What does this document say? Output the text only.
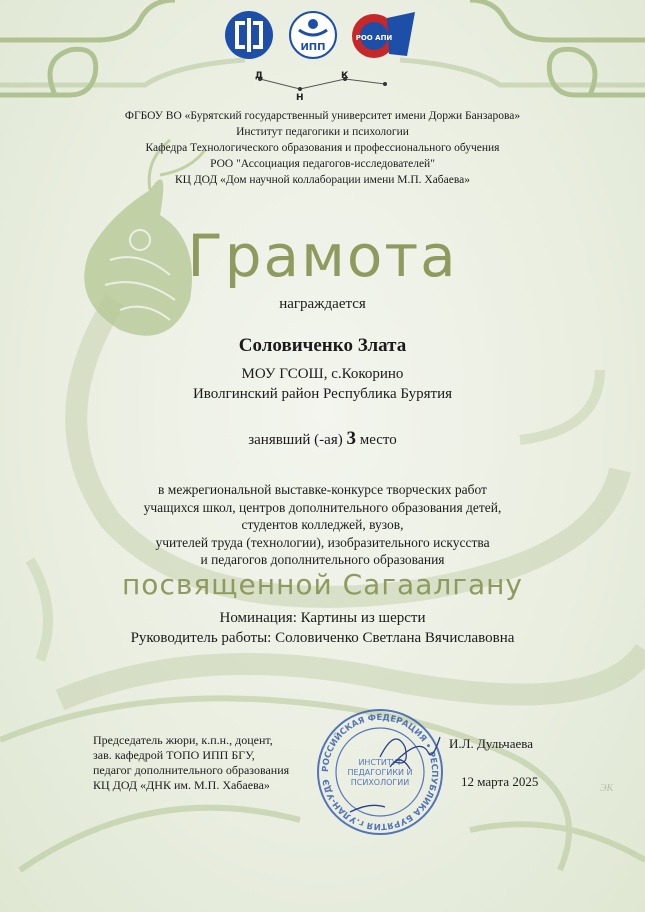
ИПП
РОО АПИ
Д
Н
К
ФГБОУ ВО «Бурятский государственный университет имени Доржи Банзарова»
Институт педагогики и психологии
Кафедра Технологического образования и профессионального обучения
РОО "Ассоциация педагогов-исследователей"
КЦ ДОД «Дом научной коллаборации имени М.П. Хабаева»
Грамота
награждается
Соловиченко Злата
МОУ ГСОШ, с.Кокорино
Иволгинский район Республика Бурятия
занявший (-ая) 3 место
в межрегиональной выставке-конкурсе творческих работ
учащихся школ, центров дополнительного образования детей,
студентов колледжей, вузов,
учителей труда (технологии), изобразительного искусства
и педагогов дополнительного образования
посвященной Сагаалгану
Номинация: Картины из шерсти
Руководитель работы: Соловиченко Светлана Вячиславовна
Председатель жюри, к.п.н., доцент,
зав. кафедрой ТОПО ИПП БГУ,
педагог дополнительного образования
КЦ ДОД «ДНК им. М.П. Хабаева»
РОССИЙСКАЯ ФЕДЕРАЦИЯ • РЕСПУБЛИКА БУРЯТИЯ г.УЛАН-УДЭ
ИНСТИТУТ
ПЕДАГОГИКИ И
ПСИХОЛОГИИ
И.Л. Дульчаева
12 марта 2025	ЭК
